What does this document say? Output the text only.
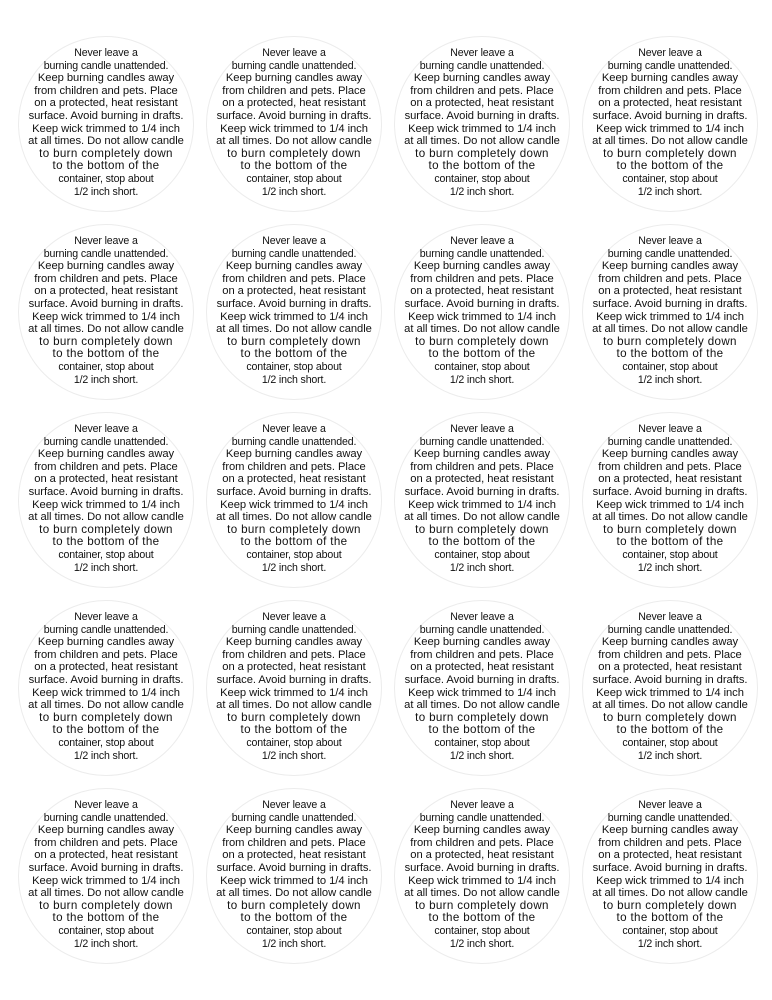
Never leave a
burning candle unattended.
Keep burning candles away
from children and pets. Place
on a protected, heat resistant
surface. Avoid burning in drafts.
Keep wick trimmed to 1/4 inch
at all times. Do not allow candle
to burn completely down
to the bottom of the
container, stop about
1/2 inch short.
Never leave a
burning candle unattended.
Keep burning candles away
from children and pets. Place
on a protected, heat resistant
surface. Avoid burning in drafts.
Keep wick trimmed to 1/4 inch
at all times. Do not allow candle
to burn completely down
to the bottom of the
container, stop about
1/2 inch short.
Never leave a
burning candle unattended.
Keep burning candles away
from children and pets. Place
on a protected, heat resistant
surface. Avoid burning in drafts.
Keep wick trimmed to 1/4 inch
at all times. Do not allow candle
to burn completely down
to the bottom of the
container, stop about
1/2 inch short.
Never leave a
burning candle unattended.
Keep burning candles away
from children and pets. Place
on a protected, heat resistant
surface. Avoid burning in drafts.
Keep wick trimmed to 1/4 inch
at all times. Do not allow candle
to burn completely down
to the bottom of the
container, stop about
1/2 inch short.
Never leave a
burning candle unattended.
Keep burning candles away
from children and pets. Place
on a protected, heat resistant
surface. Avoid burning in drafts.
Keep wick trimmed to 1/4 inch
at all times. Do not allow candle
to burn completely down
to the bottom of the
container, stop about
1/2 inch short.
Never leave a
burning candle unattended.
Keep burning candles away
from children and pets. Place
on a protected, heat resistant
surface. Avoid burning in drafts.
Keep wick trimmed to 1/4 inch
at all times. Do not allow candle
to burn completely down
to the bottom of the
container, stop about
1/2 inch short.
Never leave a
burning candle unattended.
Keep burning candles away
from children and pets. Place
on a protected, heat resistant
surface. Avoid burning in drafts.
Keep wick trimmed to 1/4 inch
at all times. Do not allow candle
to burn completely down
to the bottom of the
container, stop about
1/2 inch short.
Never leave a
burning candle unattended.
Keep burning candles away
from children and pets. Place
on a protected, heat resistant
surface. Avoid burning in drafts.
Keep wick trimmed to 1/4 inch
at all times. Do not allow candle
to burn completely down
to the bottom of the
container, stop about
1/2 inch short.
Never leave a
burning candle unattended.
Keep burning candles away
from children and pets. Place
on a protected, heat resistant
surface. Avoid burning in drafts.
Keep wick trimmed to 1/4 inch
at all times. Do not allow candle
to burn completely down
to the bottom of the
container, stop about
1/2 inch short.
Never leave a
burning candle unattended.
Keep burning candles away
from children and pets. Place
on a protected, heat resistant
surface. Avoid burning in drafts.
Keep wick trimmed to 1/4 inch
at all times. Do not allow candle
to burn completely down
to the bottom of the
container, stop about
1/2 inch short.
Never leave a
burning candle unattended.
Keep burning candles away
from children and pets. Place
on a protected, heat resistant
surface. Avoid burning in drafts.
Keep wick trimmed to 1/4 inch
at all times. Do not allow candle
to burn completely down
to the bottom of the
container, stop about
1/2 inch short.
Never leave a
burning candle unattended.
Keep burning candles away
from children and pets. Place
on a protected, heat resistant
surface. Avoid burning in drafts.
Keep wick trimmed to 1/4 inch
at all times. Do not allow candle
to burn completely down
to the bottom of the
container, stop about
1/2 inch short.
Never leave a
burning candle unattended.
Keep burning candles away
from children and pets. Place
on a protected, heat resistant
surface. Avoid burning in drafts.
Keep wick trimmed to 1/4 inch
at all times. Do not allow candle
to burn completely down
to the bottom of the
container, stop about
1/2 inch short.
Never leave a
burning candle unattended.
Keep burning candles away
from children and pets. Place
on a protected, heat resistant
surface. Avoid burning in drafts.
Keep wick trimmed to 1/4 inch
at all times. Do not allow candle
to burn completely down
to the bottom of the
container, stop about
1/2 inch short.
Never leave a
burning candle unattended.
Keep burning candles away
from children and pets. Place
on a protected, heat resistant
surface. Avoid burning in drafts.
Keep wick trimmed to 1/4 inch
at all times. Do not allow candle
to burn completely down
to the bottom of the
container, stop about
1/2 inch short.
Never leave a
burning candle unattended.
Keep burning candles away
from children and pets. Place
on a protected, heat resistant
surface. Avoid burning in drafts.
Keep wick trimmed to 1/4 inch
at all times. Do not allow candle
to burn completely down
to the bottom of the
container, stop about
1/2 inch short.
Never leave a
burning candle unattended.
Keep burning candles away
from children and pets. Place
on a protected, heat resistant
surface. Avoid burning in drafts.
Keep wick trimmed to 1/4 inch
at all times. Do not allow candle
to burn completely down
to the bottom of the
container, stop about
1/2 inch short.
Never leave a
burning candle unattended.
Keep burning candles away
from children and pets. Place
on a protected, heat resistant
surface. Avoid burning in drafts.
Keep wick trimmed to 1/4 inch
at all times. Do not allow candle
to burn completely down
to the bottom of the
container, stop about
1/2 inch short.
Never leave a
burning candle unattended.
Keep burning candles away
from children and pets. Place
on a protected, heat resistant
surface. Avoid burning in drafts.
Keep wick trimmed to 1/4 inch
at all times. Do not allow candle
to burn completely down
to the bottom of the
container, stop about
1/2 inch short.
Never leave a
burning candle unattended.
Keep burning candles away
from children and pets. Place
on a protected, heat resistant
surface. Avoid burning in drafts.
Keep wick trimmed to 1/4 inch
at all times. Do not allow candle
to burn completely down
to the bottom of the
container, stop about
1/2 inch short.
